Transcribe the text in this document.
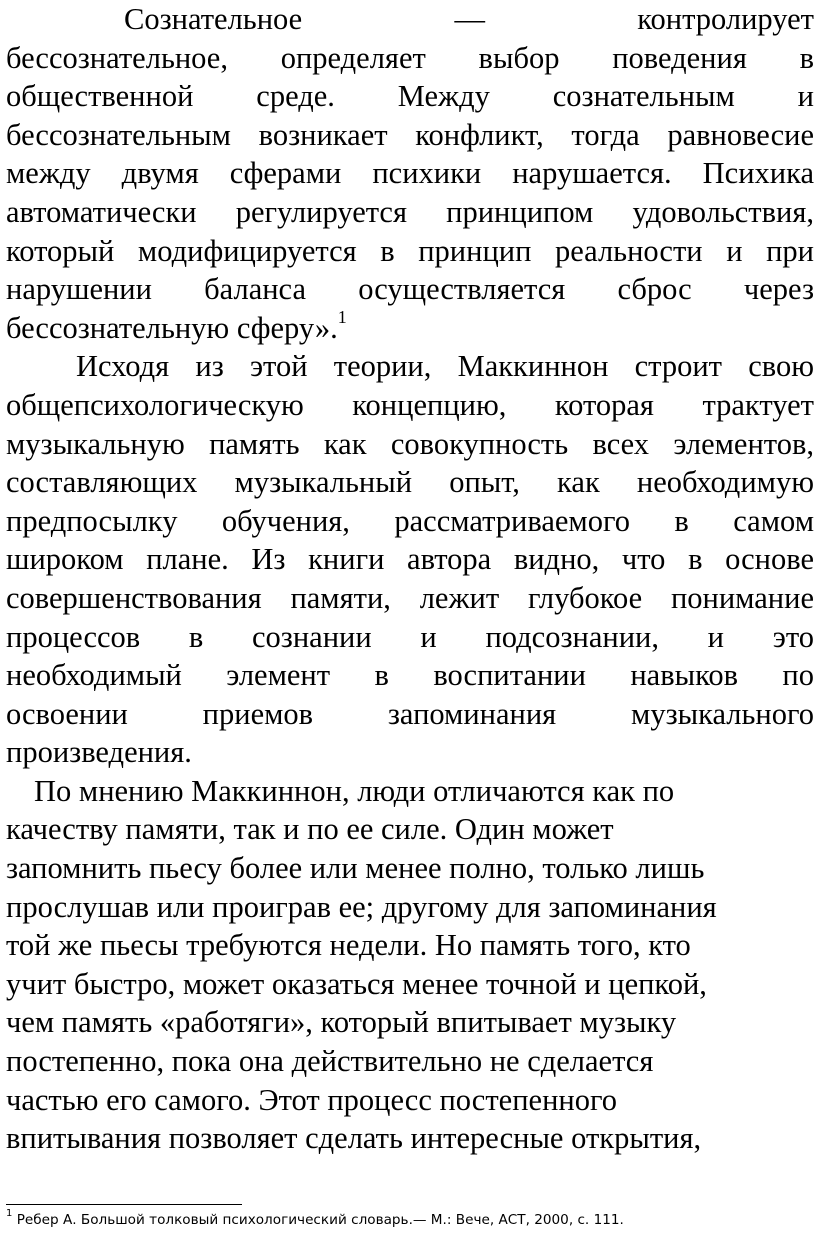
Сознательное — контролирует
бессознательное, определяет выбор поведения в
общественной среде. Между сознательным и
бессознательным возникает конфликт, тогда равновесие
между двумя сферами психики нарушается. Психика
автоматически регулируется принципом удовольствия,
который модифицируется в принцип реальности и при
нарушении баланса осуществляется сброс через
бессознательную сферу».$^1$

Исходя из этой теории, Маккиннон строит свою
общепсихологическую концепцию, которая трактует
музыкальную память как совокупность всех элементов,
составляющих музыкальный опыт, как необходимую
предпосылку обучения, рассматриваемого в самом
широком плане. Из книги автора видно, что в основе
совершенствования памяти, лежит глубокое понимание
процессов в сознании и подсознании, и это
необходимый элемент в воспитании навыков по
освоении приемов запоминания музыкального
произведения.

По мнению Маккиннон, люди отличаются как по
качеству памяти, так и по ее силе. Один может
запомнить пьесу более или менее полно, только лишь
прослушав или проиграв ее; другому для запоминания
той же пьесы требуются недели. Но память того, кто
учит быстро, может оказаться менее точной и цепкой,
чем память «работяги», который впитывает музыку
постепенно, пока она действительно не сделается
частью его самого. Этот процесс постепенного
впитывания позволяет сделать интересные открытия,

$^1$ Ребер А. Большой толковый психологический словарь.— М.: Вече, АСТ, 2000, с. 111.
